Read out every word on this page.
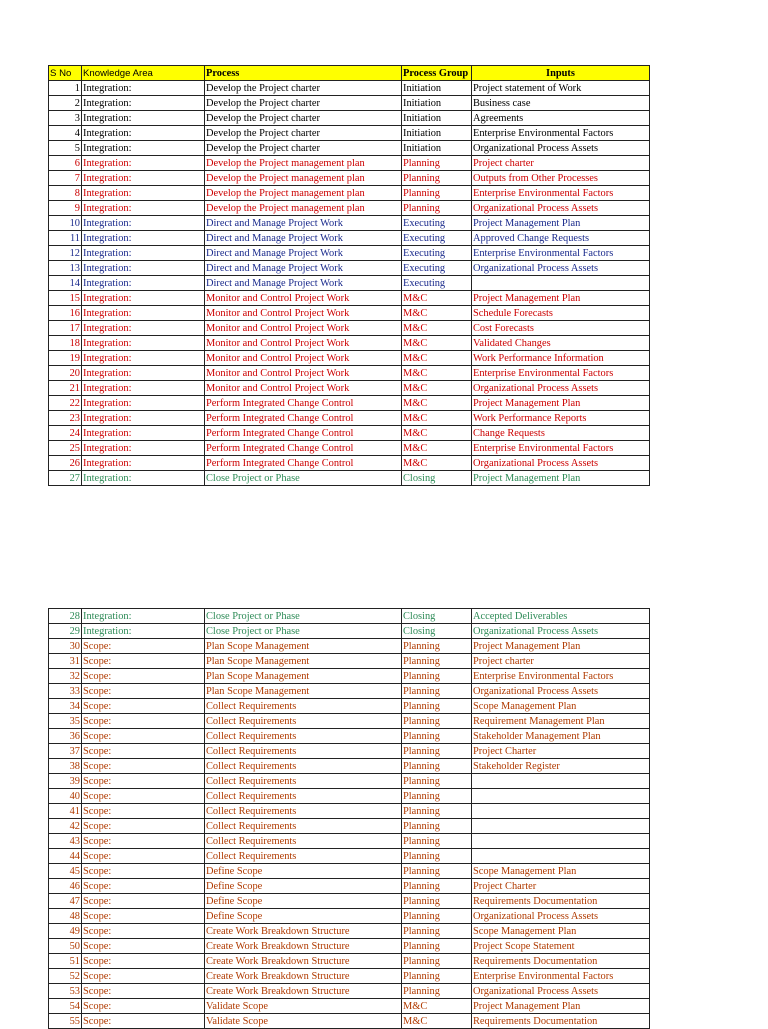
S No	Knowledge Area	Process	Process Group	Inputs
1	Integration:	Develop the Project charter	Initiation	Project statement of Work
2	Integration:	Develop the Project charter	Initiation	Business case
3	Integration:	Develop the Project charter	Initiation	Agreements
4	Integration:	Develop the Project charter	Initiation	Enterprise Environmental Factors
5	Integration:	Develop the Project charter	Initiation	Organizational Process Assets
6	Integration:	Develop the Project management plan	Planning	Project charter
7	Integration:	Develop the Project management plan	Planning	Outputs from Other Processes
8	Integration:	Develop the Project management plan	Planning	Enterprise Environmental Factors
9	Integration:	Develop the Project management plan	Planning	Organizational Process Assets
10	Integration:	Direct and Manage Project Work	Executing	Project Management Plan
11	Integration:	Direct and Manage Project Work	Executing	Approved Change Requests
12	Integration:	Direct and Manage Project Work	Executing	Enterprise Environmental Factors
13	Integration:	Direct and Manage Project Work	Executing	Organizational Process Assets
14	Integration:	Direct and Manage Project Work	Executing	
15	Integration:	Monitor and Control Project Work	M&C	Project Management Plan
16	Integration:	Monitor and Control Project Work	M&C	Schedule Forecasts
17	Integration:	Monitor and Control Project Work	M&C	Cost Forecasts
18	Integration:	Monitor and Control Project Work	M&C	Validated Changes
19	Integration:	Monitor and Control Project Work	M&C	Work Performance Information
20	Integration:	Monitor and Control Project Work	M&C	Enterprise Environmental Factors
21	Integration:	Monitor and Control Project Work	M&C	Organizational Process Assets
22	Integration:	Perform Integrated Change Control	M&C	Project Management Plan
23	Integration:	Perform Integrated Change Control	M&C	Work Performance Reports
24	Integration:	Perform Integrated Change Control	M&C	Change Requests
25	Integration:	Perform Integrated Change Control	M&C	Enterprise Environmental Factors
26	Integration:	Perform Integrated Change Control	M&C	Organizational Process Assets
27	Integration:	Close Project or Phase	Closing	Project Management Plan
28	Integration:	Close Project or Phase	Closing	Accepted Deliverables
29	Integration:	Close Project or Phase	Closing	Organizational Process Assets
30	Scope:	Plan Scope Management	Planning	Project Management Plan
31	Scope:	Plan Scope Management	Planning	Project charter
32	Scope:	Plan Scope Management	Planning	Enterprise Environmental Factors
33	Scope:	Plan Scope Management	Planning	Organizational Process Assets
34	Scope:	Collect Requirements	Planning	Scope Management Plan
35	Scope:	Collect Requirements	Planning	Requirement Management Plan
36	Scope:	Collect Requirements	Planning	Stakeholder Management Plan
37	Scope:	Collect Requirements	Planning	Project Charter
38	Scope:	Collect Requirements	Planning	Stakeholder Register
39	Scope:	Collect Requirements	Planning	
40	Scope:	Collect Requirements	Planning	
41	Scope:	Collect Requirements	Planning	
42	Scope:	Collect Requirements	Planning	
43	Scope:	Collect Requirements	Planning	
44	Scope:	Collect Requirements	Planning	
45	Scope:	Define Scope	Planning	Scope Management Plan
46	Scope:	Define Scope	Planning	Project Charter
47	Scope:	Define Scope	Planning	Requirements Documentation
48	Scope:	Define Scope	Planning	Organizational Process Assets
49	Scope:	Create Work Breakdown Structure	Planning	Scope Management Plan
50	Scope:	Create Work Breakdown Structure	Planning	Project Scope Statement
51	Scope:	Create Work Breakdown Structure	Planning	Requirements Documentation
52	Scope:	Create Work Breakdown Structure	Planning	Enterprise Environmental Factors
53	Scope:	Create Work Breakdown Structure	Planning	Organizational Process Assets
54	Scope:	Validate Scope	M&C	Project Management Plan
55	Scope:	Validate Scope	M&C	Requirements Documentation
